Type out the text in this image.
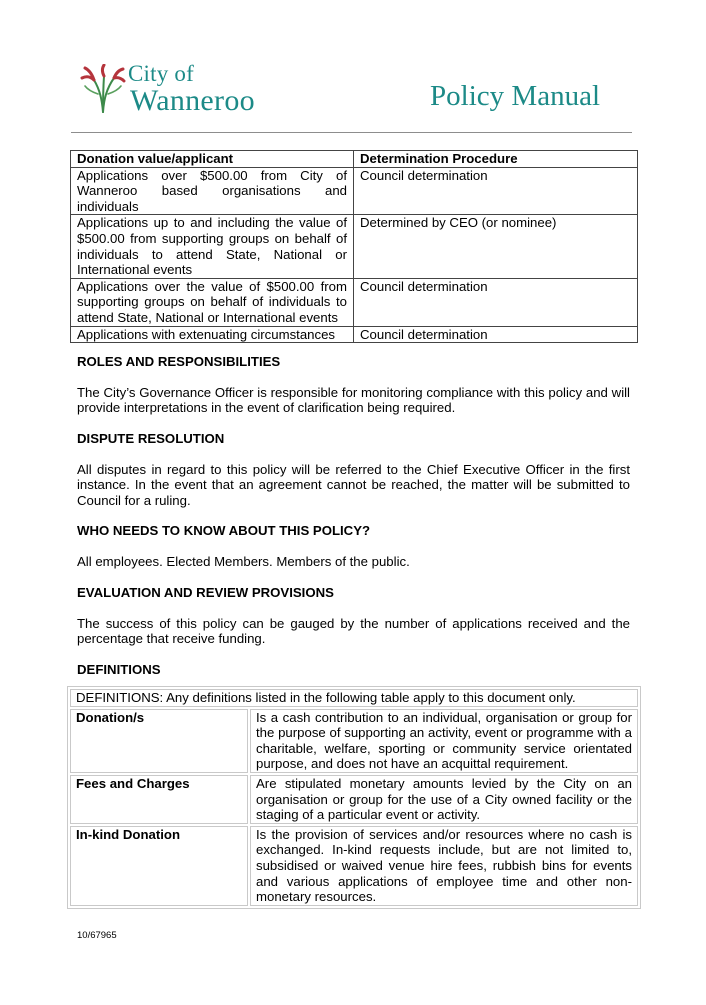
City of
Wanneroo	Policy Manual
Donation value/applicant	Determination Procedure
Applications over $500.00 from City of Wanneroo based organisations and individuals	Council determination
Applications up to and including the value of $500.00 from supporting groups on behalf of individuals to attend State, National or International events	Determined by CEO (or nominee)
Applications over the value of $500.00 from supporting groups on behalf of individuals to attend State, National or International events	Council determination
Applications with extenuating circumstances	Council determination
ROLES AND RESPONSIBILITIES
The City’s Governance Officer is responsible for monitoring compliance with this policy and will provide interpretations in the event of clarification being required.
DISPUTE RESOLUTION
All disputes in regard to this policy will be referred to the Chief Executive Officer in the first instance. In the event that an agreement cannot be reached, the matter will be submitted to Council for a ruling.
WHO NEEDS TO KNOW ABOUT THIS POLICY?
All employees. Elected Members. Members of the public.
EVALUATION AND REVIEW PROVISIONS
The success of this policy can be gauged by the number of applications received and the percentage that receive funding.
DEFINITIONS
DEFINITIONS: Any definitions listed in the following table apply to this document only.
Donation/s	Is a cash contribution to an individual, organisation or group for the purpose of supporting an activity, event or programme with a charitable, welfare, sporting or community service orientated purpose, and does not have an acquittal requirement.
Fees and Charges	Are stipulated monetary amounts levied by the City on an organisation or group for the use of a City owned facility or the staging of a particular event or activity.
In-kind Donation	Is the provision of services and/or resources where no cash is exchanged. In-kind requests include, but are not limited to, subsidised or waived venue hire fees, rubbish bins for events and various applications of employee time and other non-monetary resources.
10/67965
